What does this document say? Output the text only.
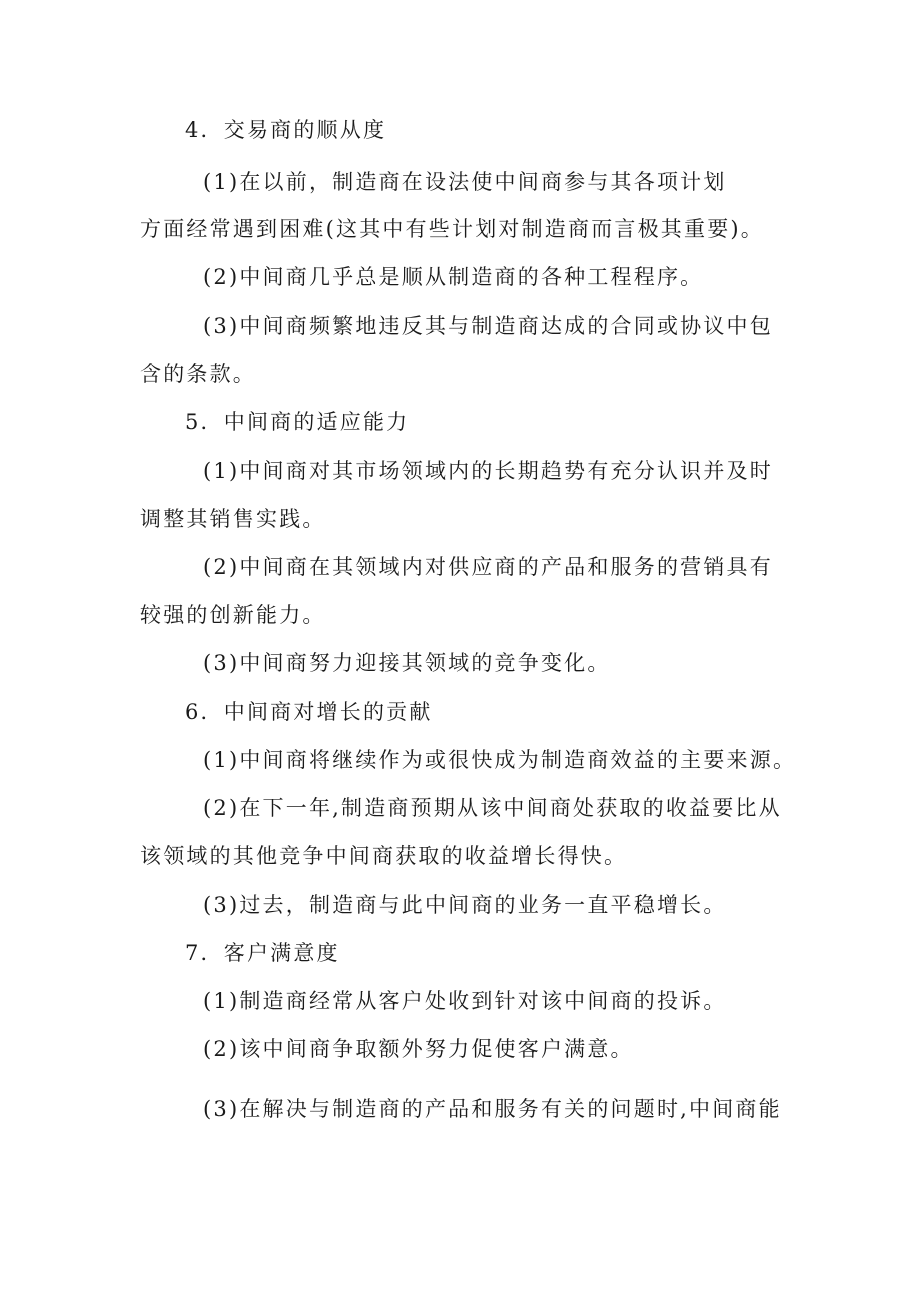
4．交易商的顺从度
(1)在以前，制造商在设法使中间商参与其各项计划
方面经常遇到困难(这其中有些计划对制造商而言极其重要)。
(2)中间商几乎总是顺从制造商的各种工程程序。
(3)中间商频繁地违反其与制造商达成的合同或协议中包
含的条款。
5．中间商的适应能力
(1)中间商对其市场领域内的长期趋势有充分认识并及时
调整其销售实践。
(2)中间商在其领域内对供应商的产品和服务的营销具有
较强的创新能力。
(3)中间商努力迎接其领域的竞争变化。
6．中间商对增长的贡献
(1)中间商将继续作为或很快成为制造商效益的主要来源。
(2)在下一年,制造商预期从该中间商处获取的收益要比从
该领域的其他竞争中间商获取的收益增长得快。
(3)过去，制造商与此中间商的业务一直平稳增长。
7．客户满意度
(1)制造商经常从客户处收到针对该中间商的投诉。
(2)该中间商争取额外努力促使客户满意。
(3)在解决与制造商的产品和服务有关的问题时,中间商能
